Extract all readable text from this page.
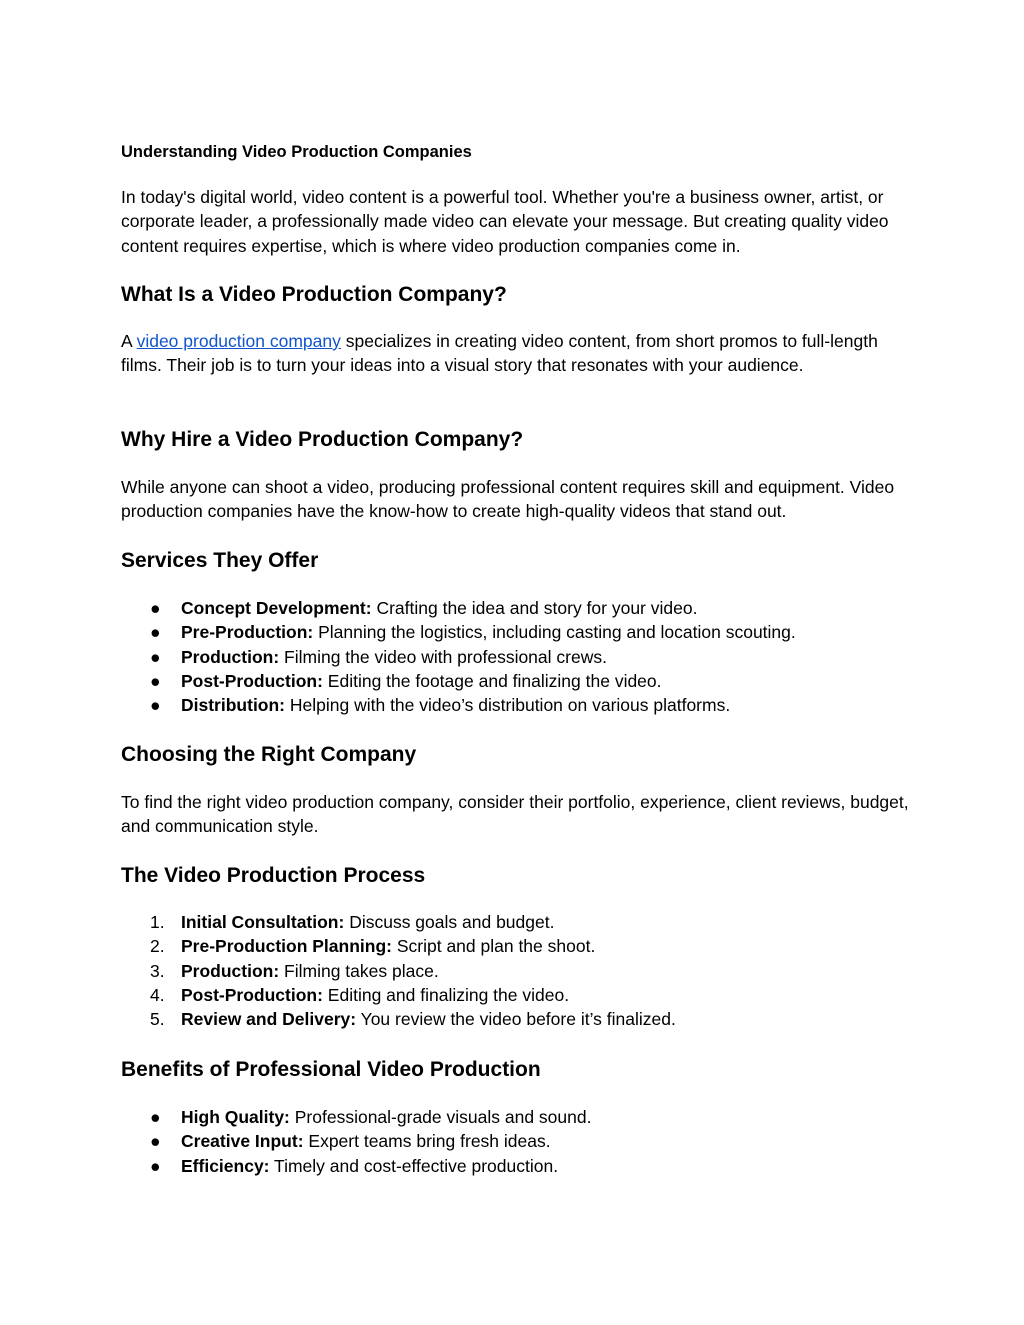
Understanding Video Production Companies

In today's digital world, video content is a powerful tool. Whether you're a business owner, artist, or corporate leader, a professionally made video can elevate your message. But creating quality video content requires expertise, which is where video production companies come in.

What Is a Video Production Company?

A video production company specializes in creating video content, from short promos to full-length films. Their job is to turn your ideas into a visual story that resonates with your audience.

Why Hire a Video Production Company?

While anyone can shoot a video, producing professional content requires skill and equipment. Video production companies have the know-how to create high-quality videos that stand out.

Services They Offer
●	Concept Development: Crafting the idea and story for your video.
●	Pre-Production: Planning the logistics, including casting and location scouting.
●	Production: Filming the video with professional crews.
●	Post-Production: Editing the footage and finalizing the video.
●	Distribution: Helping with the video’s distribution on various platforms.
Choosing the Right Company

To find the right video production company, consider their portfolio, experience, client reviews, budget, and communication style.

The Video Production Process
1. Initial Consultation: Discuss goals and budget.
2. Pre-Production Planning: Script and plan the shoot.
3. Production: Filming takes place.
4. Post-Production: Editing and finalizing the video.
5. Review and Delivery: You review the video before it’s finalized.
Benefits of Professional Video Production
●	High Quality: Professional-grade visuals and sound.
●	Creative Input: Expert teams bring fresh ideas.
●	Efficiency: Timely and cost-effective production.
